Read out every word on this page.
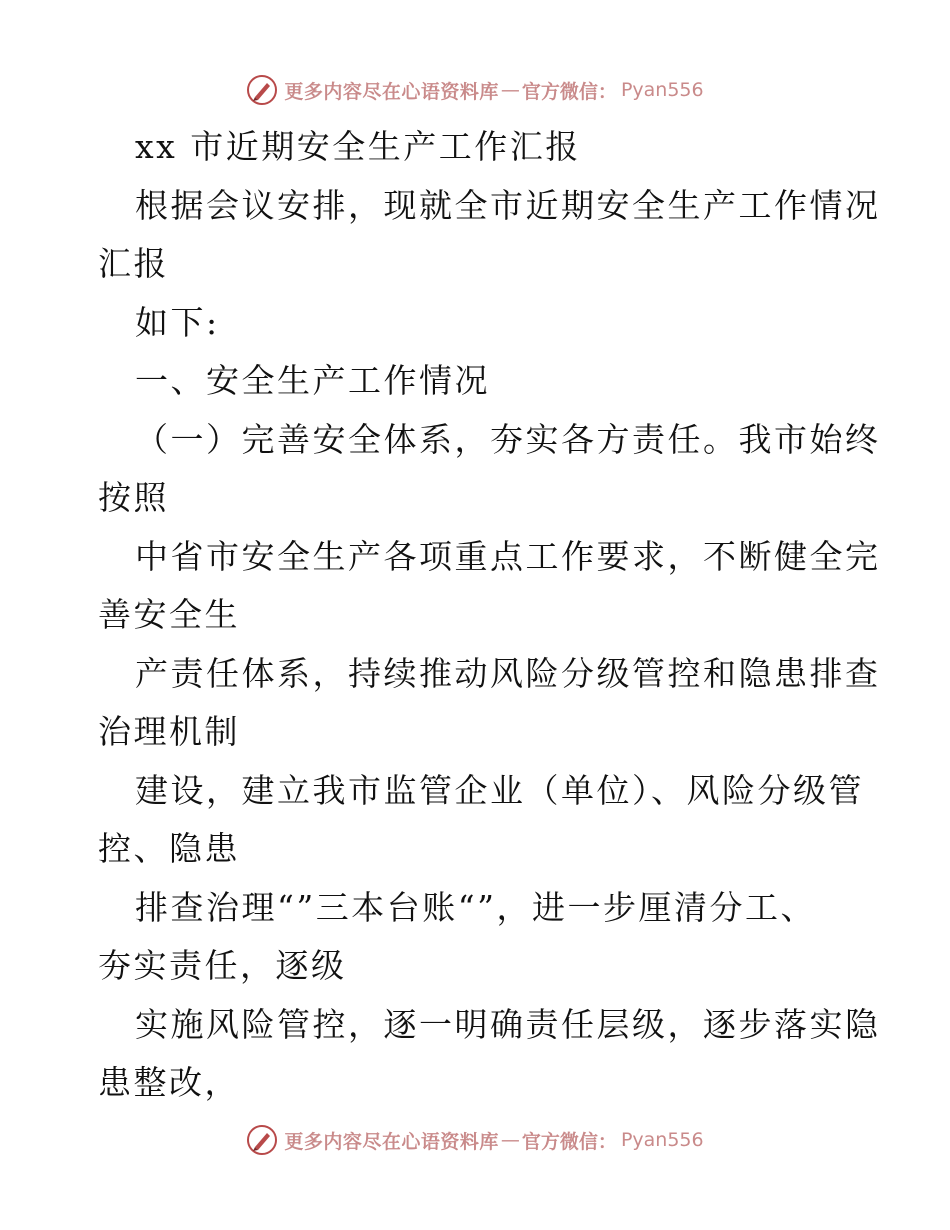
更多内容尽在心语资料库 — 官方微信： Pyan556
xx 市近期安全生产工作汇报
根据会议安排，现就全市近期安全生产工作情况
汇报
如下:
一、安全生产工作情况
（一）完善安全体系，夯实各方责任。我市始终
按照
中省市安全生产各项重点工作要求，不断健全完
善安全生
产责任体系，持续推动风险分级管控和隐患排查
治理机制
建设，建立我市监管企业（单位）、风险分级管
控、隐患
排查治理“”三本台账“”，进一步厘清分工、
夯实责任，逐级
实施风险管控，逐一明确责任层级，逐步落实隐
患整改，
更多内容尽在心语资料库 — 官方微信： Pyan556
